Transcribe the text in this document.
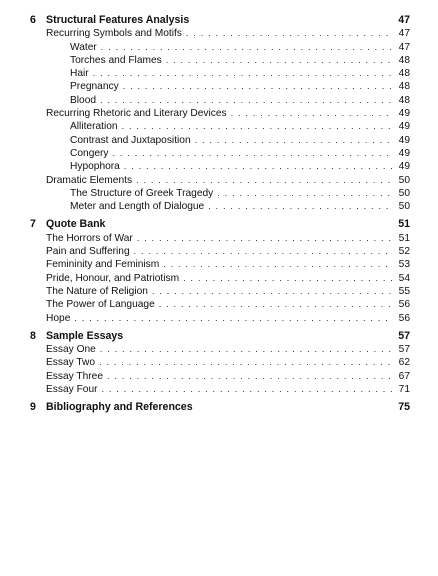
6 Structural Features Analysis	47
Recurring Symbols and Motifs . . .	47
Water . . .	47
Torches and Flames . . .	48
Hair . . .	48
Pregnancy . . .	48
Blood . . .	48
Recurring Rhetoric and Literary Devices . . .	49
Alliteration . . .	49
Contrast and Juxtaposition . . .	49
Congery . . .	49
Hypophora . . .	49
Dramatic Elements . . .	50
The Structure of Greek Tragedy . . .	50
Meter and Length of Dialogue . . .	50
7 Quote Bank	51
The Horrors of War . . .	51
Pain and Suffering . . .	52
Femininity and Feminism . . .	53
Pride, Honour, and Patriotism . . .	54
The Nature of Religion . . .	55
The Power of Language . . .	56
Hope . . .	56
8 Sample Essays	57
Essay One . . .	57
Essay Two . . .	62
Essay Three . . .	67
Essay Four . . .	71
9 Bibliography and References	75
